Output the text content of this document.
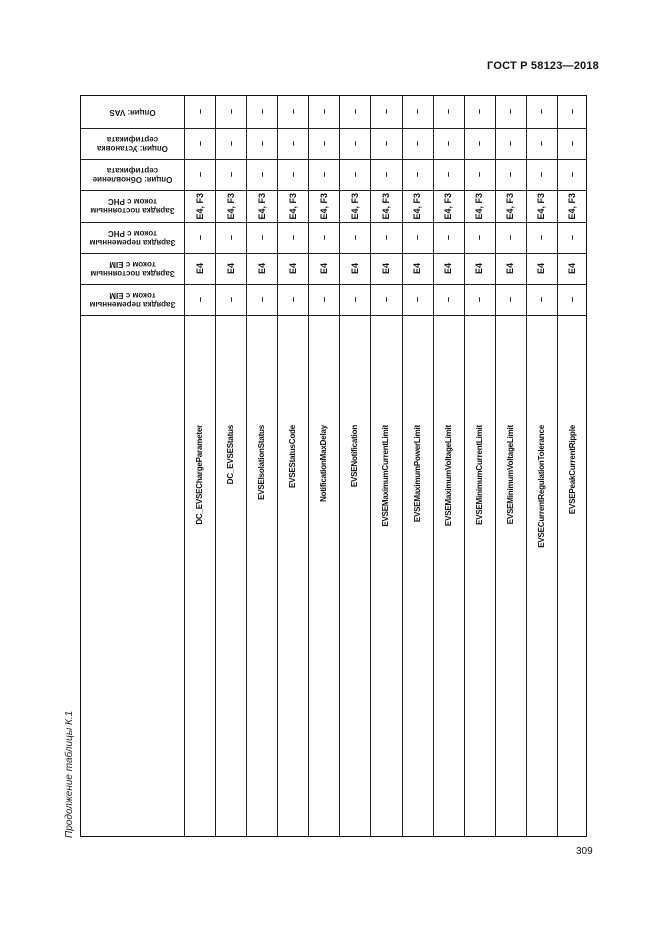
ГОСТ Р 58123—2018
Продолжение таблицы К.1
Опция: VAS
Опция: Установка сертификата
Опция: Обновление сертификата
Зарядка постоянным током с РНС
Зарядка переменным током с РНС
Зарядка постоянным током с EIM
Зарядка переменным током с EIM
–
–
–
E4, F3
–
E4
–
DC_EVSEChargeParameter
–
–
–
E4, F3
–
E4
–
DC_EVSEStatus
–
–
–
E4, F3
–
E4
–
EVSEIsolationStatus
–
–
–
E4, F3
–
E4
–
EVSEStatusCode
–
–
–
E4, F3
–
E4
–
NotificationMaxDelay
–
–
–
E4, F3
–
E4
–
EVSENotification
–
–
–
E4, F3
–
E4
–
EVSEMaximumCurrentLimit
–
–
–
E4, F3
–
E4
–
EVSEMaximumPowerLimit
–
–
–
E4, F3
–
E4
–
EVSEMaximumVoltageLimit
–
–
–
E4, F3
–
E4
–
EVSEMinimumCurrentLimit
–
–
–
E4, F3
–
E4
–
EVSEMinimumVoltageLimit
–
–
–
E4, F3
–
E4
–
EVSECurrentRegulationTolerance
–
–
–
E4, F3
–
E4
–
EVSEPeakCurrentRipple
309
